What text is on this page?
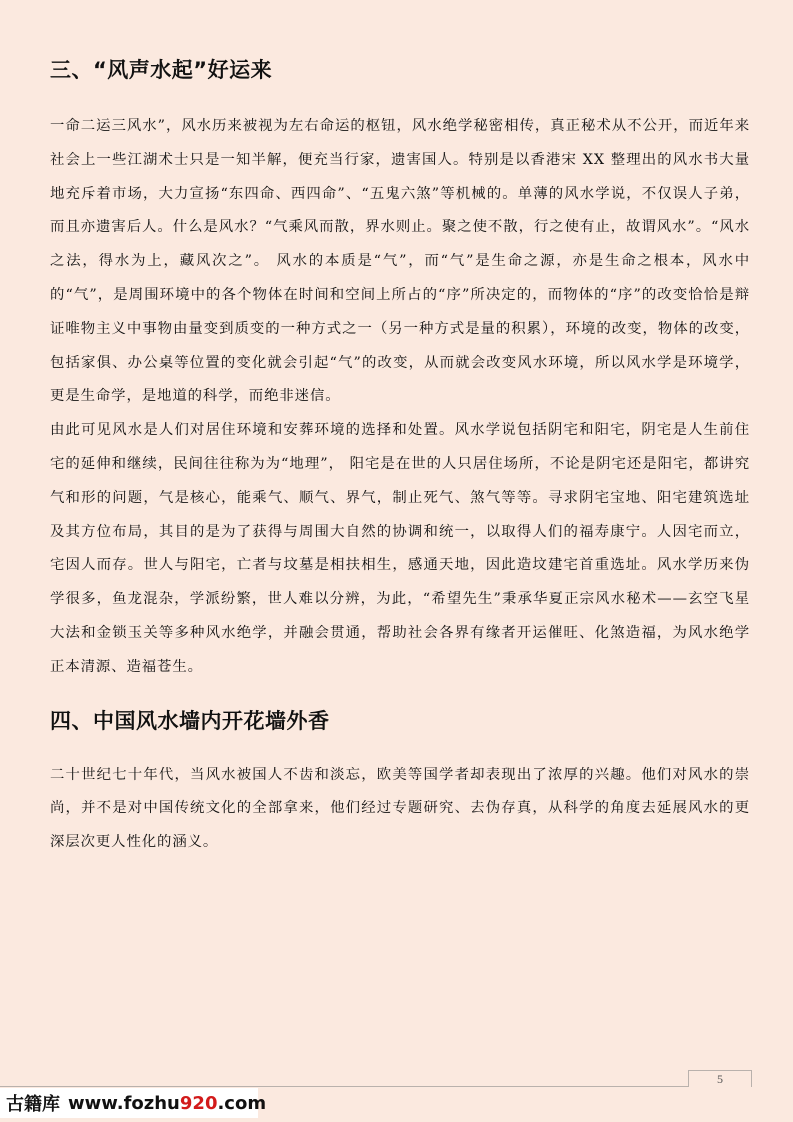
三、“风声水起”好运来

一命二运三风水”，风水历来被视为左右命运的枢钮，风水绝学秘密相传，真正秘术从不公开，而近年来社会上一些江湖术士只是一知半解，便充当行家，遗害国人。特别是以香港宋 XX 整理出的风水书大量地充斥着市场，大力宣扬“东四命、西四命”、“五鬼六煞”等机械的。单薄的风水学说，不仅误人子弟，而且亦遗害后人。什么是风水？“气乘风而散，界水则止。聚之使不散，行之使有止，故谓风水”。“风水之法，得水为上，藏风次之”。 风水的本质是“气”，而“气”是生命之源，亦是生命之根本，风水中的“气”，是周围环境中的各个物体在时间和空间上所占的“序”所决定的，而物体的“序”的改变恰恰是辩证唯物主义中事物由量变到质变的一种方式之一（另一种方式是量的积累），环境的改变，物体的改变，包括家俱、办公桌等位置的变化就会引起“气”的改变，从而就会改变风水环境，所以风水学是环境学，更是生命学，是地道的科学，而绝非迷信。

由此可见风水是人们对居住环境和安葬环境的选择和处置。风水学说包括阴宅和阳宅，阴宅是人生前住宅的延伸和继续，民间往往称为为“地理”， 阳宅是在世的人只居住场所，不论是阴宅还是阳宅，都讲究气和形的问题，气是核心，能乘气、顺气、界气，制止死气、煞气等等。寻求阴宅宝地、阳宅建筑选址及其方位布局，其目的是为了获得与周围大自然的协调和统一，以取得人们的福寿康宁。人因宅而立，宅因人而存。世人与阳宅，亡者与坟墓是相扶相生，感通天地，因此造坟建宅首重选址。风水学历来伪学很多，鱼龙混杂，学派纷繁，世人难以分辨，为此，“希望先生”秉承华夏正宗风水秘术——玄空飞星大法和金锁玉关等多种风水绝学，并融会贯通，帮助社会各界有缘者开运催旺、化煞造福，为风水绝学正本清源、造福苍生。

四、中国风水墙内开花墙外香

二十世纪七十年代，当风水被国人不齿和淡忘，欧美等国学者却表现出了浓厚的兴趣。他们对风水的崇尚，并不是对中国传统文化的全部拿来，他们经过专题研究、去伪存真，从科学的角度去延展风水的更深层次更人性化的涵义。

5
古籍库 www.fozhu 920 .com
